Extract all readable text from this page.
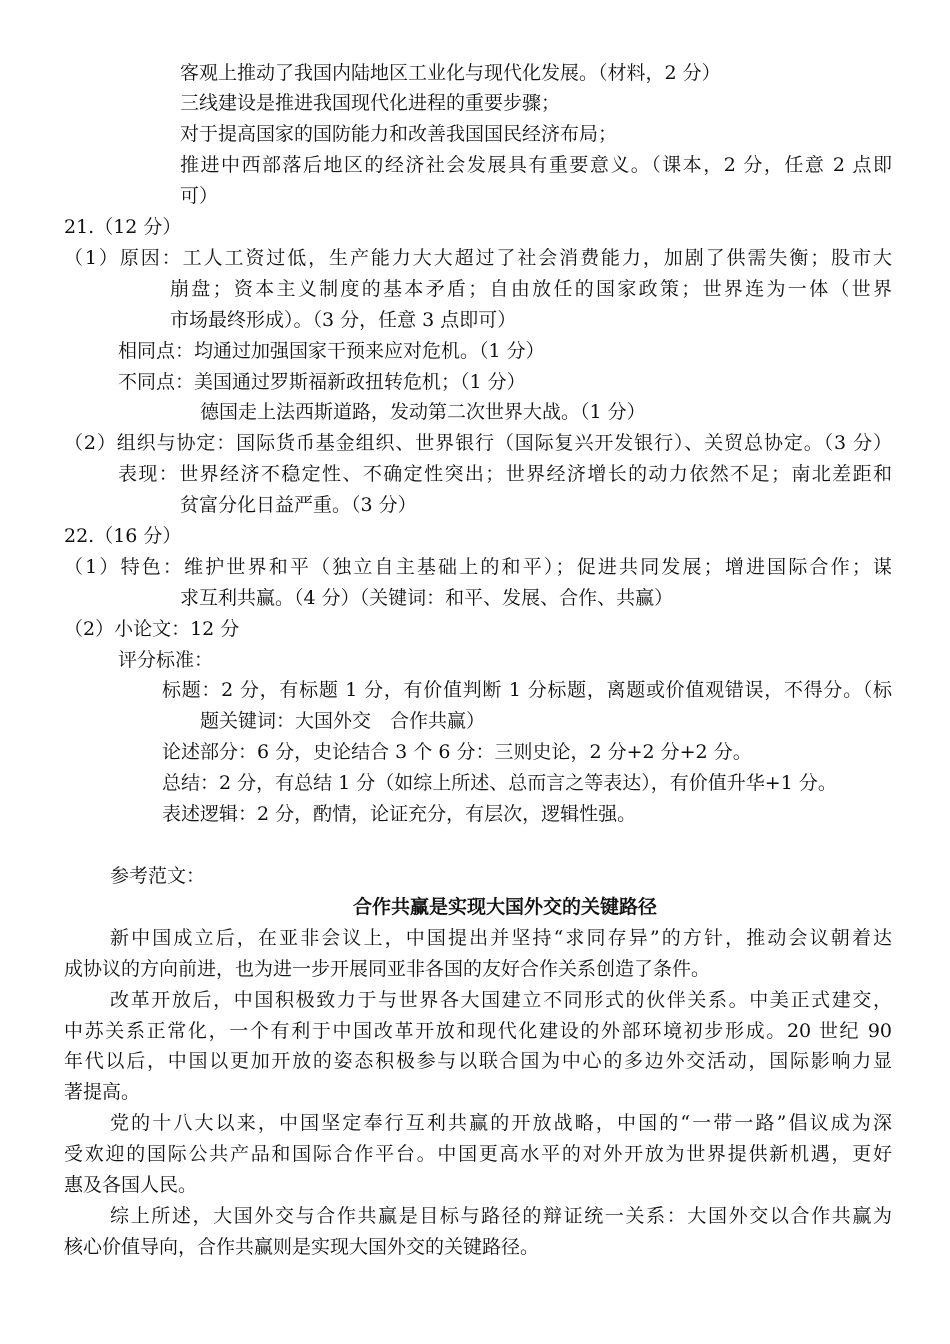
客观上推动了我国内陆地区工业化与现代化发展。（材料，2 分）
三线建设是推进我国现代化进程的重要步骤；
对于提高国家的国防能力和改善我国国民经济布局；
推进中西部落后地区的经济社会发展具有重要意义。（课本，2 分，任意 2 点即
可）
21.（12 分）
（1）原因：工人工资过低，生产能力大大超过了社会消费能力，加剧了供需失衡；股市大
崩盘；资本主义制度的基本矛盾；自由放任的国家政策；世界连为一体（世界
市场最终形成）。（3 分，任意 3 点即可）
相同点：均通过加强国家干预来应对危机。（1 分）
不同点：美国通过罗斯福新政扭转危机；（1 分）
德国走上法西斯道路，发动第二次世界大战。（1 分）
（2）组织与协定：国际货币基金组织、世界银行（国际复兴开发银行）、关贸总协定。（3 分）
表现：世界经济不稳定性、不确定性突出；世界经济增长的动力依然不足；南北差距和
贫富分化日益严重。（3 分）
22.（16 分）
（1）特色：维护世界和平（独立自主基础上的和平）；促进共同发展；增进国际合作；谋
求互利共赢。（4 分）（关键词：和平、发展、合作、共赢）
（2）小论文：12 分
评分标准：
标题：2 分，有标题 1 分，有价值判断 1 分标题，离题或价值观错误，不得分。（标
题关键词：大国外交　合作共赢）
论述部分：6 分，史论结合 3 个 6 分：三则史论，2 分+2 分+2 分。
总结：2 分，有总结 1 分（如综上所述、总而言之等表达），有价值升华+1 分。
表述逻辑：2 分，酌情，论证充分，有层次，逻辑性强。
参考范文：
合作共赢是实现大国外交的关键路径
新中国成立后，在亚非会议上，中国提出并坚持“求同存异”的方针，推动会议朝着达
成协议的方向前进，也为进一步开展同亚非各国的友好合作关系创造了条件。
改革开放后，中国积极致力于与世界各大国建立不同形式的伙伴关系。中美正式建交，
中苏关系正常化，一个有利于中国改革开放和现代化建设的外部环境初步形成。20 世纪 90
年代以后，中国以更加开放的姿态积极参与以联合国为中心的多边外交活动，国际影响力显
著提高。
党的十八大以来，中国坚定奉行互利共赢的开放战略，中国的“一带一路”倡议成为深
受欢迎的国际公共产品和国际合作平台。中国更高水平的对外开放为世界提供新机遇，更好
惠及各国人民。
综上所述，大国外交与合作共赢是目标与路径的辩证统一关系：大国外交以合作共赢为
核心价值导向，合作共赢则是实现大国外交的关键路径。
